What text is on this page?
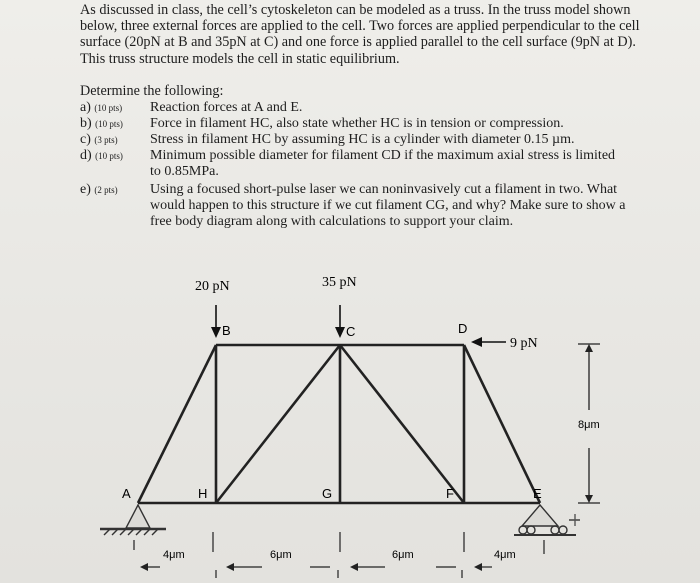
As discussed in class, the cell’s cytoskeleton can be modeled as a truss. In the truss model shown below, three external forces are applied to the cell. Two forces are applied perpendicular to the cell surface (20pN at B and 35pN at C) and one force is applied parallel to the cell surface (9pN at D). This truss structure models the cell in static equilibrium.

Determine the following:

a) (10 pts)	Reaction forces at A and E.
b) (10 pts)	Force in filament HC, also state whether HC is in tension or compression.
c) (3 pts)	Stress in filament HC by assuming HC is a cylinder with diameter 0.15 µm.
d) (10 pts)	Minimum possible diameter for filament CD if the maximum axial stress is limited to 0.85MPa.
e) (2 pts)	Using a focused short-pulse laser we can noninvasively cut a filament in two. What would happen to this structure if we cut filament CG, and why? Make sure to show a free body diagram along with calculations to support your claim.
20 pN	35 pN
9 pN
A
B	C	D
E
F
G
H
8μm
4μm	6μm	6μm	4μm
